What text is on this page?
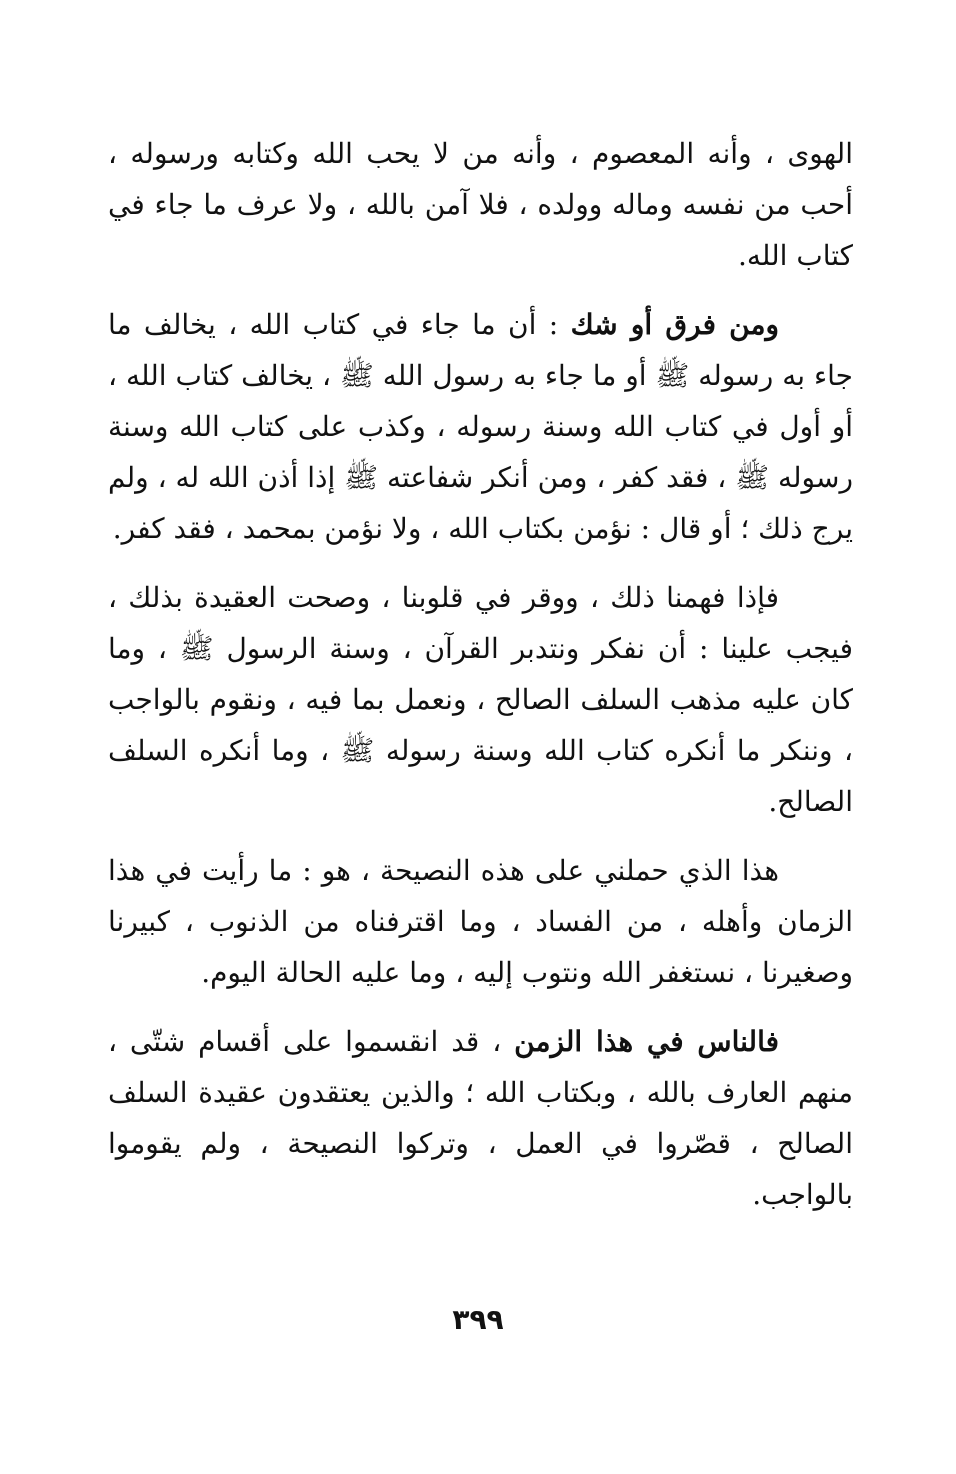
الهوى ، وأنه المعصوم ، وأنه من لا يحب الله وكتابه ورسوله ، أحب من نفسه وماله وولده ، فلا آمن بالله ، ولا عرف ما جاء في كتاب الله.

ومن فرق أو شك : أن ما جاء في كتاب الله ، يخالف ما جاء به رسوله ﷺ أو ما جاء به رسول الله ﷺ ، يخالف كتاب الله ، أو أول في كتاب الله وسنة رسوله ، وكذب على كتاب الله وسنة رسوله ﷺ ، فقد كفر ، ومن أنكر شفاعته ﷺ إذا أذن الله له ، ولم يرج ذلك ؛ أو قال : نؤمن بكتاب الله ، ولا نؤمن بمحمد ، فقد كفر.

فإذا فهمنا ذلك ، ووقر في قلوبنا ، وصحت العقيدة بذلك ، فيجب علينا : أن نفكر ونتدبر القرآن ، وسنة الرسول ﷺ ، وما كان عليه مذهب السلف الصالح ، ونعمل بما فيه ، ونقوم بالواجب ، وننكر ما أنكره كتاب الله وسنة رسوله ﷺ ، وما أنكره السلف الصالح.

هذا الذي حملني على هذه النصيحة ، هو : ما رأيت في هذا الزمان وأهله ، من الفساد ، وما اقترفناه من الذنوب ، كبيرنا وصغيرنا ، نستغفر الله ونتوب إليه ، وما عليه الحالة اليوم.

فالناس في هذا الزمن ، قد انقسموا على أقسام شتّى ، منهم العارف بالله ، وبكتاب الله ؛ والذين يعتقدون عقيدة السلف الصالح ، قصّروا في العمل ، وتركوا النصيحة ، ولم يقوموا بالواجب.

٣٩٩
